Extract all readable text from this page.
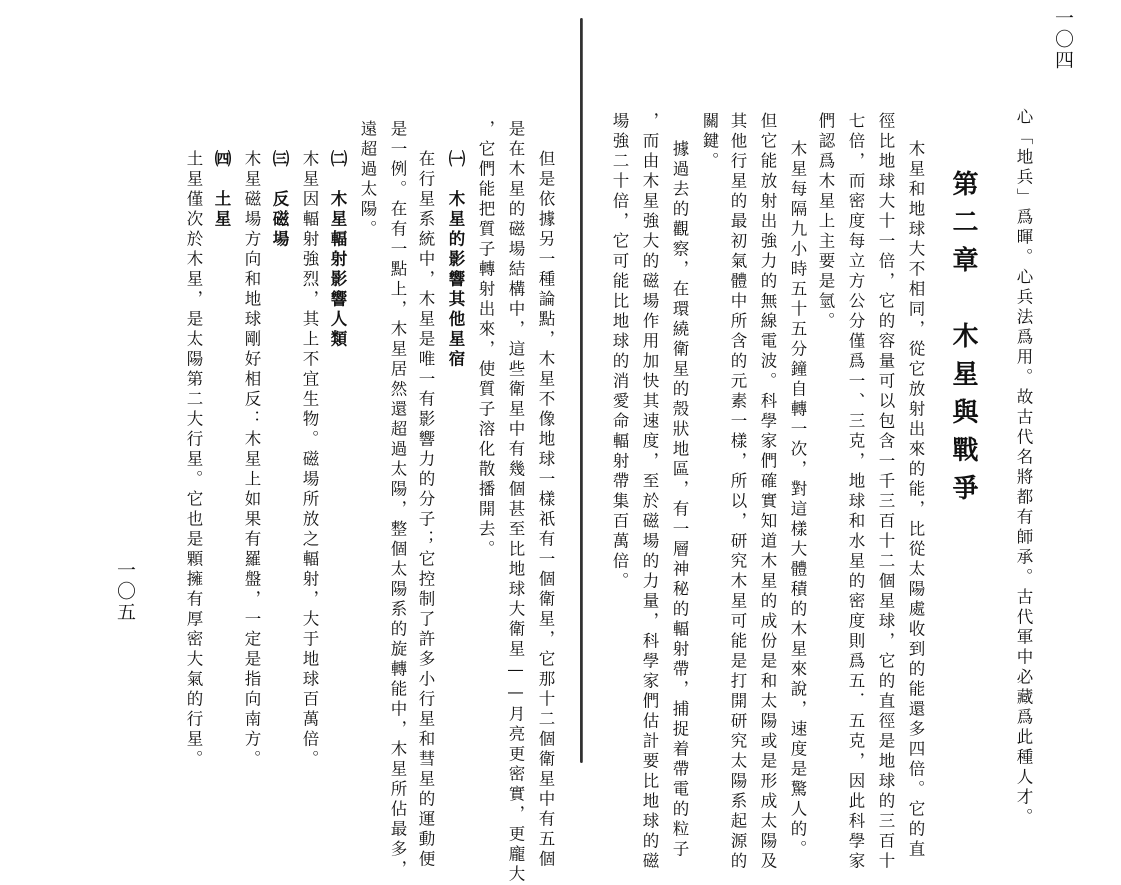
一〇四
心「地兵」爲暉。心兵法爲用。故古代名將都有師承。古代軍中必藏爲此種人才。
第二章　木星與戰爭
木星和地球大不相同，從它放射出來的能，比從太陽處收到的能還多四倍。它的直
徑比地球大十一倍，它的容量可以包含一千三百十二個星球，它的直徑是地球的三百十
七倍，而密度每立方公分僅爲一、三克，地球和水星的密度則爲五．五克，因此科學家
們認爲木星上主要是氫。
木星每隔九小時五十五分鐘自轉一次，對這樣大體積的木星來說，速度是驚人的。
但它能放射出強力的無線電波。科學家們確實知道木星的成份是和太陽或是形成太陽及
其他行星的最初氣體中所含的元素一樣，所以，研究木星可能是打開研究太陽系起源的
關鍵。
據過去的觀察，在環繞衛星的殼狀地區，有一層神秘的輻射帶，捕捉着帶電的粒子
，而由木星強大的磁場作用加快其速度，至於磁場的力量，科學家們估計要比地球的磁
場強二十倍，它可能比地球的消愛命輻射帶集百萬倍。
但是依據另一種論點，木星不像地球一樣祇有一個衛星，它那十二個衛星中有五個
是在木星的磁場結構中，這些衛星中有幾個甚至比地球大衛星——月亮更密實，更龐大
，它們能把質子轉射出來，使質子溶化散播開去。
㈠　木星的影響其他星宿
在行星系統中，木星是唯一有影響力的分子；它控制了許多小行星和彗星的運動便
是一例。在有一點上，木星居然還超過太陽，整個太陽系的旋轉能中，木星所佔最多，
遠超過太陽。
㈡　木星輻射影響人類
木星因輻射強烈，其上不宜生物。磁場所放之輻射，大于地球百萬倍。
㈢　反磁場
木星磁場方向和地球剛好相反：木星上如果有羅盤，一定是指向南方。
㈣　土星
土星僅次於木星，是太陽第二大行星。它也是顆擁有厚密大氣的行星。
一〇五
